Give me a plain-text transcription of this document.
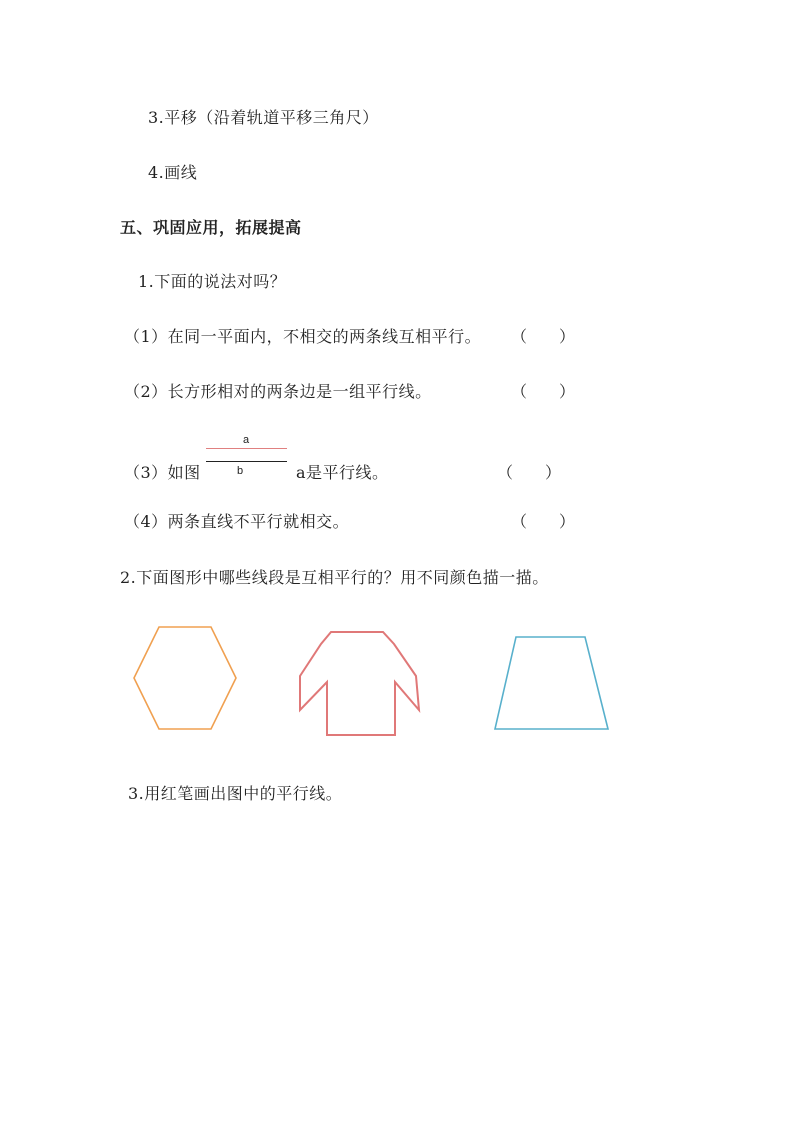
3.平移（沿着轨道平移三角尺）
4.画线
五、巩固应用，拓展提高
1.下面的说法对吗？
（1）在同一平面内，不相交的两条线互相平行。 （　　）
（2）长方形相对的两条边是一组平行线。	（　　）
a
b
（3）如图	a是平行线。	（　　）
（4）两条直线不平行就相交。	（　　）
2.下面图形中哪些线段是互相平行的？用不同颜色描一描。
3.用红笔画出图中的平行线。
